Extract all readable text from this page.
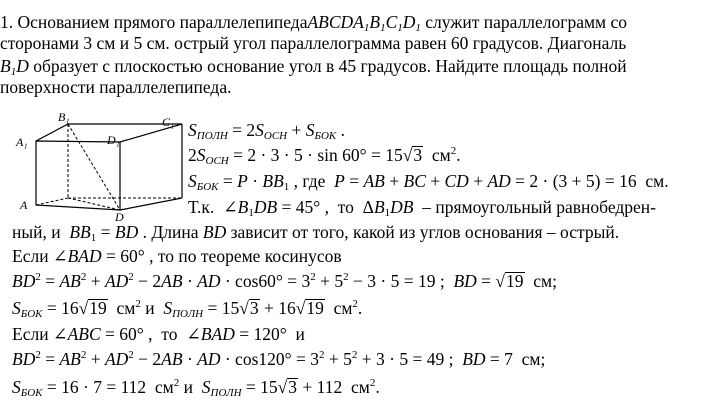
1. Основанием прямого $параллелепипедаABCDA_1B_1C_1D_1$ служит параллелограмм со
сторонами 3 см и 5 см. острый угол параллелограмма равен 60 градусов. Диагональ
$B_1D$ образует с плоскостью основание угол в 45 градусов. Найдите площадь полной
поверхности параллелепипеда.
B₁	C₁
A₁	D₁
A
D
$S_{ПОЛН} = 2S_{ОСН} + S_{БОК}$ .
$2S_{ОСН} = 2 \cdot 3 \cdot 5 \cdot \sin 60^\circ = 15√3$  $см^2$.
$S_{БОК} = P \cdot BB_1$ , где  P = AB + BC + CD + AD = 2 · (3 + 5) = 16  см.
Т.к.  $\angle B_1DB = 45^\circ$ ,  то  $\Delta B_1DB$  – прямоугольный равнобедрен-
ный, и  $BB_1$ = BD . Длина BD зависит от того, какой из углов основания – острый.
Если ∠BAD = 60° , то по теореме косинусов
$BD^2 = AB^2 + AD^2 - 2AB$ · AD · $\cos 60^\circ = 3^2 + 5^2 - 3 \cdot 5 = 19$ ;  BD = √19  см;
$S_{БОК} = 16√19$  $см^2$ и  $S_{ПОЛН} = 15√3 + 16√19$  $см^2$.
Если ∠ABC = 60° ,  то  ∠BAD = 120°  и
$BD^2 = AB^2 + AD^2 - 2AB$ · AD · $\cos 120^\circ = 3^2 + 5^2 + 3 \cdot 5 = 49$ ;  BD = 7  см;
$S_{БОК} = 16 \cdot 7 = 112$  $см^2$ и  $S_{ПОЛН} = 15√3 + 112$  $см^2$.
